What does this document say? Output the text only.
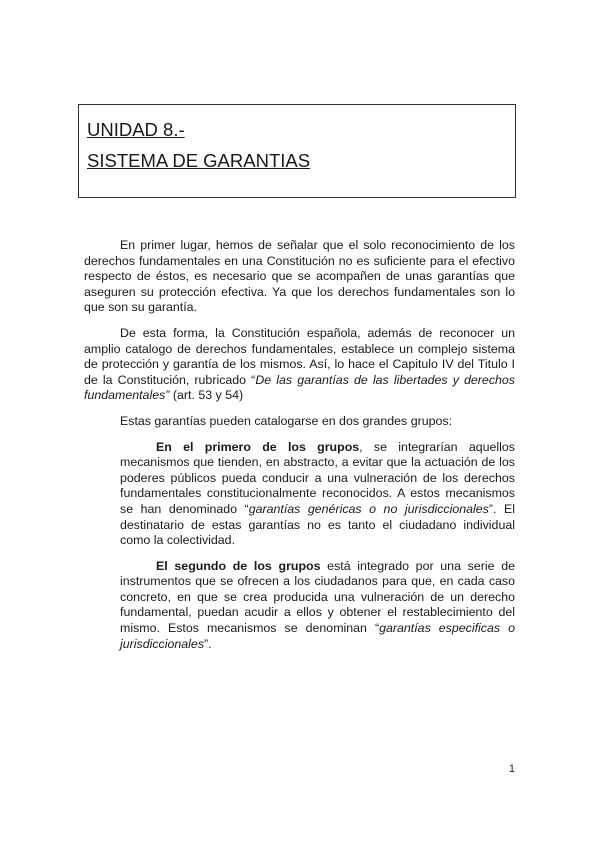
UNIDAD 8.-
SISTEMA DE GARANTIAS

En primer lugar, hemos de señalar que el solo reconocimiento de los derechos fundamentales en una Constitución no es suficiente para el efectivo respecto de éstos, es necesario que se acompañen de unas garantías que aseguren su protección efectiva. Ya que los derechos fundamentales son lo que son su garantía.

De esta forma, la Constitución española, además de reconocer un amplio catalogo de derechos fundamentales, establece un complejo sistema de protección y garantía de los mismos. Así, lo hace el Capitulo IV del Titulo I de la Constitución, rubricado “De las garantías de las libertades y derechos fundamentales” (art. 53 y 54)

Estas garantías pueden catalogarse en dos grandes grupos:

En el primero de los grupos, se integrarían aquellos mecanismos que tienden, en abstracto, a evitar que la actuación de los poderes públicos pueda conducir a una vulneración de los derechos fundamentales constitucionalmente reconocidos. A estos mecanismos se han denominado “garantías genéricas o no jurisdiccionales”. El destinatario de estas garantías no es tanto el ciudadano individual como la colectividad.

El segundo de los grupos está integrado por una serie de instrumentos que se ofrecen a los ciudadanos para que, en cada caso concreto, en que se crea producida una vulneración de un derecho fundamental, puedan acudir a ellos y obtener el restablecimiento del mismo. Estos mecanismos se denominan “garantías especificas o jurisdiccionales”.

1
